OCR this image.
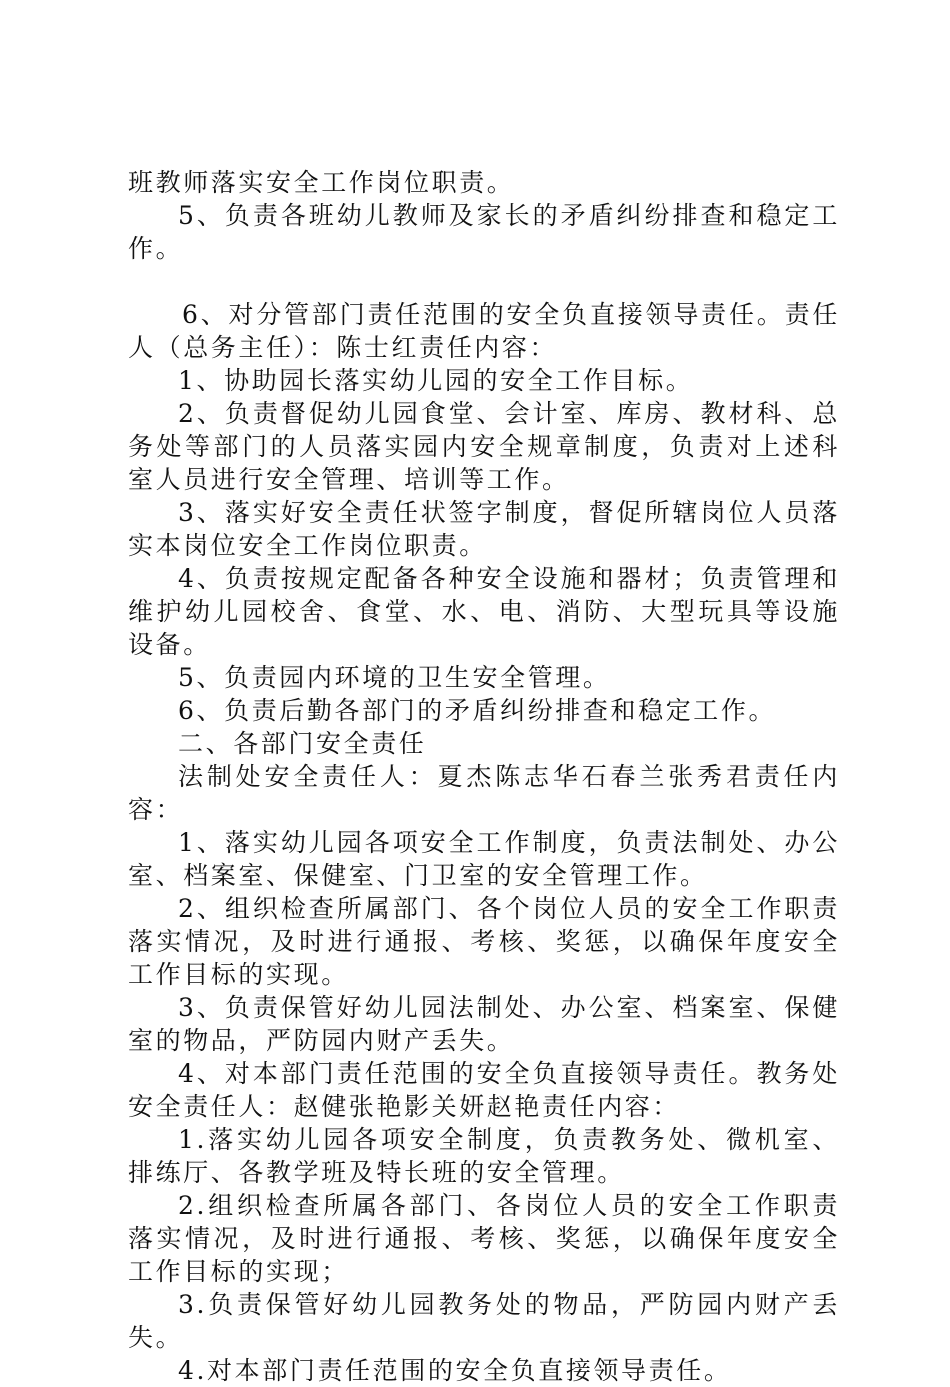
班教师落实安全工作岗位职责。

5、负责各班幼儿教师及家长的矛盾纠纷排查和稳定工作。

6、对分管部门责任范围的安全负直接领导责任。责任人（总务主任）：陈士红责任内容：

1、协助园长落实幼儿园的安全工作目标。

2、负责督促幼儿园食堂、会计室、库房、教材科、总务处等部门的人员落实园内安全规章制度，负责对上述科室人员进行安全管理、培训等工作。

3、落实好安全责任状签字制度，督促所辖岗位人员落实本岗位安全工作岗位职责。

4、负责按规定配备各种安全设施和器材；负责管理和维护幼儿园校舍、食堂、水、电、消防、大型玩具等设施设备。

5、负责园内环境的卫生安全管理。

6、负责后勤各部门的矛盾纠纷排查和稳定工作。

二、各部门安全责任

法制处安全责任人：夏杰陈志华石春兰张秀君责任内容：

1、落实幼儿园各项安全工作制度，负责法制处、办公室、档案室、保健室、门卫室的安全管理工作。

2、组织检查所属部门、各个岗位人员的安全工作职责落实情况，及时进行通报、考核、奖惩，以确保年度安全工作目标的实现。

3、负责保管好幼儿园法制处、办公室、档案室、保健室的物品，严防园内财产丢失。

4、对本部门责任范围的安全负直接领导责任。教务处安全责任人：赵健张艳影关妍赵艳责任内容：

1.落实幼儿园各项安全制度，负责教务处、微机室、排练厅、各教学班及特长班的安全管理。

2.组织检查所属各部门、各岗位人员的安全工作职责落实情况，及时进行通报、考核、奖惩，以确保年度安全工作目标的实现；

3.负责保管好幼儿园教务处的物品，严防园内财产丢失。

4.对本部门责任范围的安全负直接领导责任。
